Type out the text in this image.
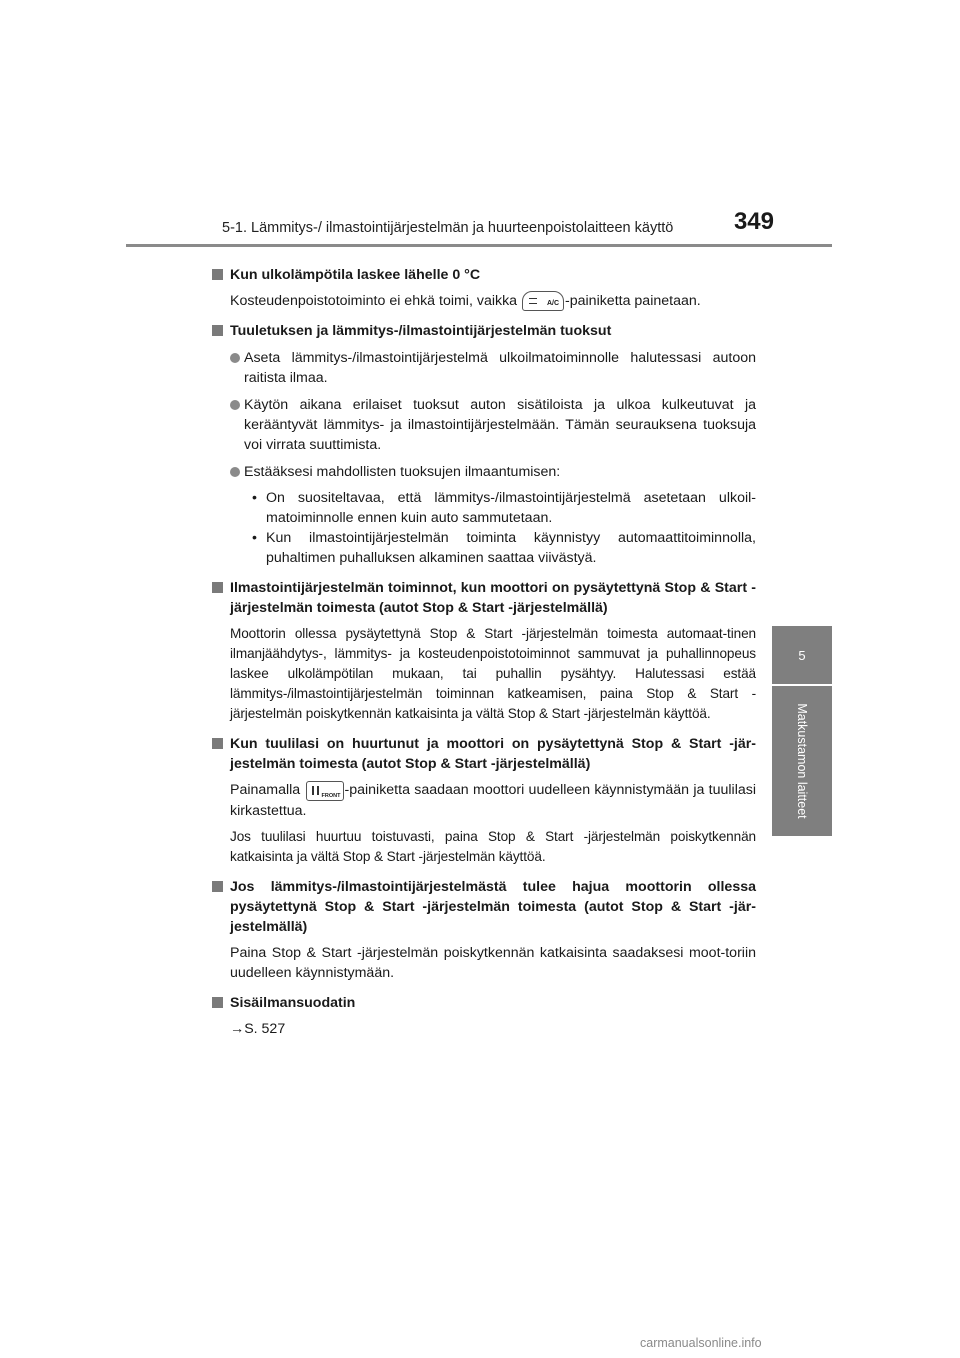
5-1. Lämmitys-/ ilmastointijärjestelmän ja huurteenpoistolaitteen käyttö	349
5
Matkustamon laitteet
Kun ulkolämpötila laskee lähelle 0 °C
Kosteudenpoistotoiminto ei ehkä toimi, vaikka A/C	-painiketta painetaan.
Tuuletuksen ja lämmitys-/ilmastointijärjestelmän tuoksut
Aseta lämmitys-/ilmastointijärjestelmä ulkoilmatoiminnolle halutessasi autoon raitista ilmaa.
Käytön aikana erilaiset tuoksut auton sisätiloista ja ulkoa kulkeutuvat ja kerääntyvät lämmitys- ja ilmastointijärjestelmään. Tämän seurauksena tuoksuja voi virrata suuttimista.
Estääksesi mahdollisten tuoksujen ilmaantumisen:
• On suositeltavaa, että lämmitys-/ilmastointijärjestelmä asetetaan ulkoil-matoiminnolle ennen kuin auto sammutetaan.
• Kun ilmastointijärjestelmän toiminta käynnistyy automaattitoiminnolla, puhaltimen puhalluksen alkaminen saattaa viivästyä.
Ilmastointijärjestelmän toiminnot, kun moottori on pysäytettynä Stop & Start -järjestelmän toimesta (autot Stop & Start -järjestelmällä)
Moottorin ollessa pysäytettynä Stop & Start -järjestelmän toimesta automaat-tinen ilmanjäähdytys-, lämmitys- ja kosteudenpoistotoiminnot sammuvat ja puhallinnopeus laskee ulkolämpötilan mukaan, tai puhallin pysähtyy. Halutessasi estää lämmitys-/ilmastointijärjestelmän toiminnan katkeamisen, paina Stop & Start -järjestelmän poiskytkennän katkaisinta ja vältä Stop & Start -järjestelmän käyttöä.
Kun tuulilasi on huurtunut ja moottori on pysäytettynä Stop & Start -jär-jestelmän toimesta (autot Stop & Start -järjestelmällä)
Painamalla FRONT	-painiketta saadaan moottori uudelleen käynnistymään ja tuulilasi kirkastettua.
Jos tuulilasi huurtuu toistuvasti, paina Stop & Start -järjestelmän poiskytkennän katkaisinta ja vältä Stop & Start -järjestelmän käyttöä.
Jos lämmitys-/ilmastointijärjestelmästä tulee hajua moottorin ollessa pysäytettynä Stop & Start -järjestelmän toimesta (autot Stop & Start -jär-jestelmällä)
Paina Stop & Start -järjestelmän poiskytkennän katkaisinta saadaksesi moot-toriin uudelleen käynnistymään.
Sisäilmansuodatin
→S. 527
carmanualsonline.info
